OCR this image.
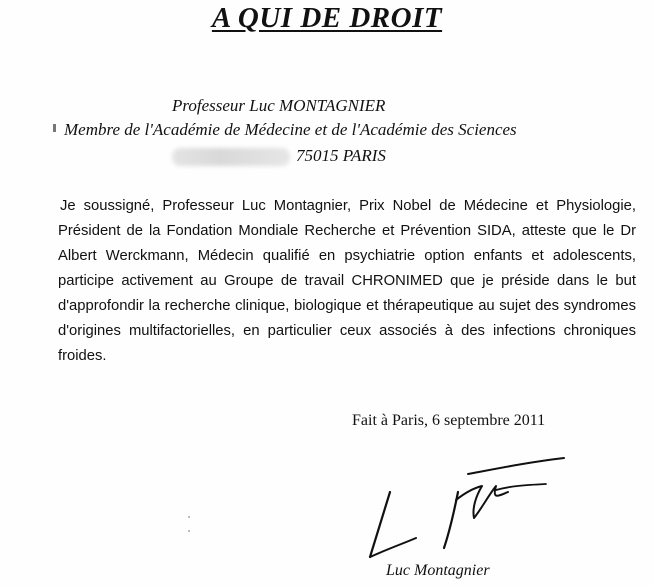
A QUI DE DROIT
Professeur Luc MONTAGNIER
Membre de l'Académie de Médecine et de l'Académie des Sciences
75015 PARIS
Je soussigné, Professeur Luc Montagnier, Prix Nobel de Médecine et Physiologie,
Président de la Fondation Mondiale Recherche et Prévention SIDA, atteste que le Dr
Albert Werckmann, Médecin qualifié en psychiatrie option enfants et adolescents,
participe activement au Groupe de travail CHRONIMED que je préside dans le but
d'approfondir la recherche clinique, biologique et thérapeutique au sujet des syndromes
d'origines multifactorielles, en particulier ceux associés à des infections chroniques
froides.
Fait à Paris, 6 septembre 2011
Luc Montagnier
